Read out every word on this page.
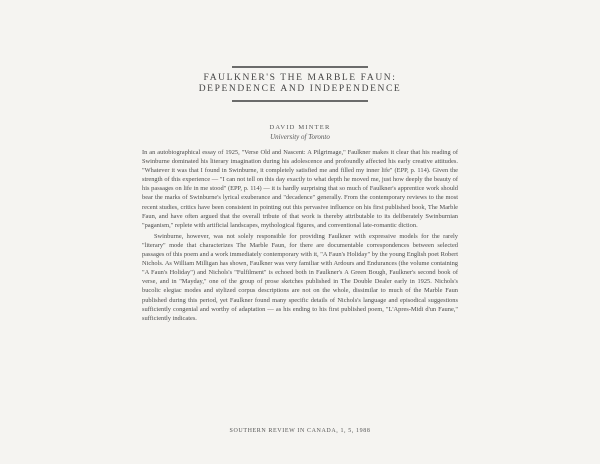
FAULKNER'S THE MARBLE FAUN:
DEPENDENCE AND INDEPENDENCE
DAVID MINTER
University of Toronto

In an autobiographical essay of 1925, "Verse Old and Nascent: A Pilgrimage," Faulkner makes it clear that his reading of Swinburne dominated his literary imagination during his adolescence and profoundly affected his early creative attitudes. "Whatever it was that I found in Swinburne, it completely satisfied me and filled my inner life" (EPP, p. 114). Given the strength of this experience — "I can not tell on this day exactly to what depth he moved me, just how deeply the beauty of his passages on life in me stood" (EPP, p. 114) — it is hardly surprising that so much of Faulkner's apprentice work should bear the marks of Swinburne's lyrical exuberance and "decadence" generally. From the contemporary reviews to the most recent studies, critics have been consistent in pointing out this pervasive influence on his first published book, The Marble Faun, and have often argued that the overall tribute of that work is thereby attributable to its deliberately Swinburnian "paganism," replete with artificial landscapes, mythological figures, and conventional late-romantic diction.

Swinburne, however, was not solely responsible for providing Faulkner with expressive models for the rarely "literary" mode that characterizes The Marble Faun, for there are documentable correspondences between selected passages of this poem and a work immediately contemporary with it, "A Faun's Holiday" by the young English poet Robert Nichols. As William Milligan has shown, Faulkner was very familiar with Ardours and Endurances (the volume containing "A Faun's Holiday") and Nichols's "Fulfilment" is echoed both in Faulkner's A Green Bough, Faulkner's second book of verse, and in "Mayday," one of the group of prose sketches published in The Double Dealer early in 1925. Nichols's bucolic elegiac modes and stylized corpus descriptions are not on the whole, dissimilar to much of the Marble Faun published during this period, yet Faulkner found many specific details of Nichols's language and episodical suggestions sufficiently congenial and worthy of adaptation — as his ending to his first published poem, "L'Apres-Midi d'un Faune," sufficiently indicates.

SOUTHERN REVIEW IN CANADA, 1, 5, 1988
